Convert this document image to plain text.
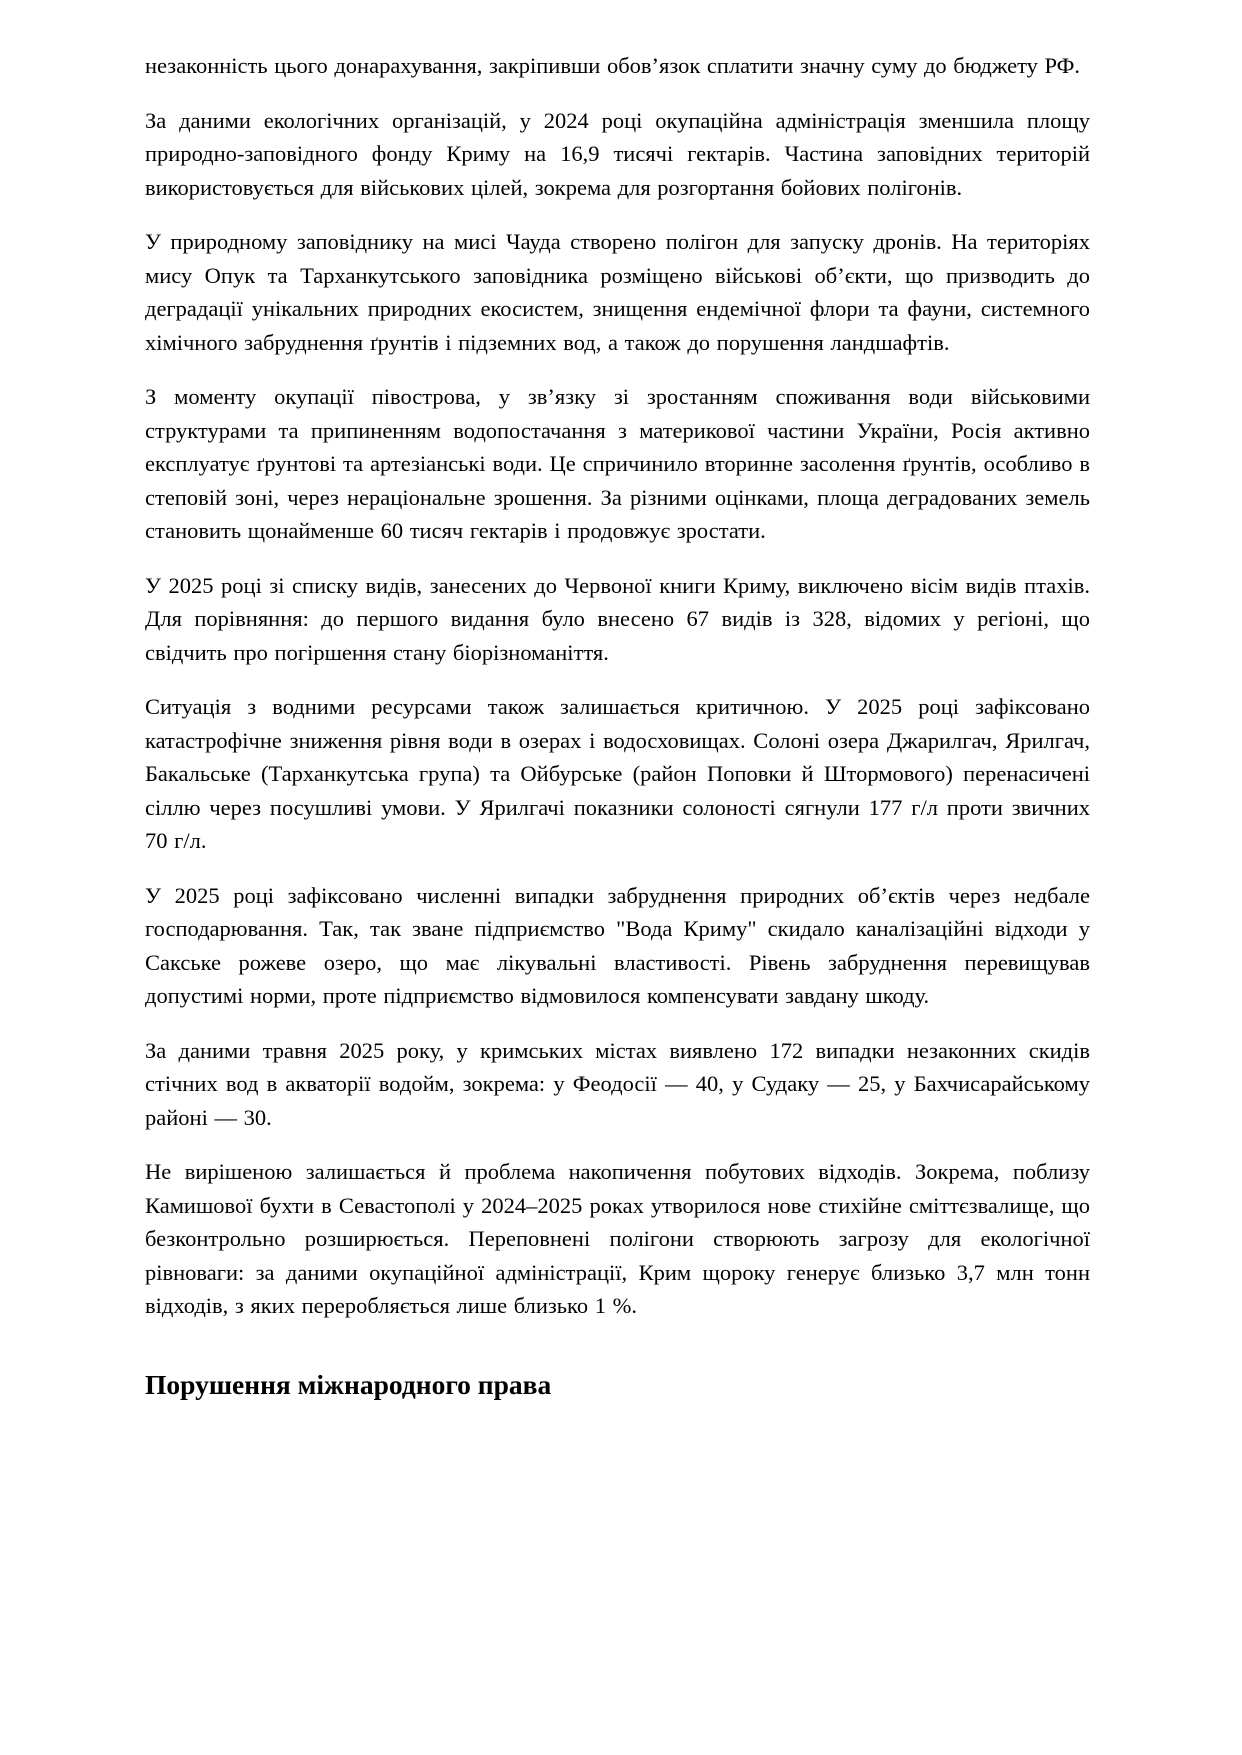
незаконність цього донарахування, закріпивши обов’язок сплатити значну суму до бюджету РФ.

За даними екологічних організацій, у 2024 році окупаційна адміністрація зменшила площу природно-заповідного фонду Криму на 16,9 тисячі гектарів. Частина заповідних територій використовується для військових цілей, зокрема для розгортання бойових полігонів.

У природному заповіднику на мисі Чауда створено полігон для запуску дронів. На територіях мису Опук та Тарханкутського заповідника розміщено військові об’єкти, що призводить до деградації унікальних природних екосистем, знищення ендемічної флори та фауни, системного хімічного забруднення ґрунтів і підземних вод, а також до порушення ландшафтів.

З моменту окупації півострова, у зв’язку зі зростанням споживання води військовими структурами та припиненням водопостачання з материкової частини України, Росія активно експлуатує ґрунтові та артезіанські води. Це спричинило вторинне засолення ґрунтів, особливо в степовій зоні, через нераціональне зрошення. За різними оцінками, площа деградованих земель становить щонайменше 60 тисяч гектарів і продовжує зростати.

У 2025 році зі списку видів, занесених до Червоної книги Криму, виключено вісім видів птахів. Для порівняння: до першого видання було внесено 67 видів із 328, відомих у регіоні, що свідчить про погіршення стану біорізноманіття.

Ситуація з водними ресурсами також залишається критичною. У 2025 році зафіксовано катастрофічне зниження рівня води в озерах і водосховищах. Солоні озера Джарилгач, Ярилгач, Бакальське (Тарханкутська група) та Ойбурське (район Поповки й Штормового) перенасичені сіллю через посушливі умови. У Ярилгачі показники солоності сягнули 177 г/л проти звичних 70 г/л.

У 2025 році зафіксовано численні випадки забруднення природних об’єктів через недбале господарювання. Так, так зване підприємство "Вода Криму" скидало каналізаційні відходи у Сакське рожеве озеро, що має лікувальні властивості. Рівень забруднення перевищував допустимі норми, проте підприємство відмовилося компенсувати завдану шкоду.

За даними травня 2025 року, у кримських містах виявлено 172 випадки незаконних скидів стічних вод в акваторії водойм, зокрема: у Феодосії — 40, у Судаку — 25, у Бахчисарайському районі — 30.

Не вирішеною залишається й проблема накопичення побутових відходів. Зокрема, поблизу Камишової бухти в Севастополі у 2024–2025 роках утворилося нове стихійне сміттєзвалище, що безконтрольно розширюється. Переповнені полігони створюють загрозу для екологічної рівноваги: за даними окупаційної адміністрації, Крим щороку генерує близько 3,7 млн тонн відходів, з яких переробляється лише близько 1 %.

Порушення міжнародного права
